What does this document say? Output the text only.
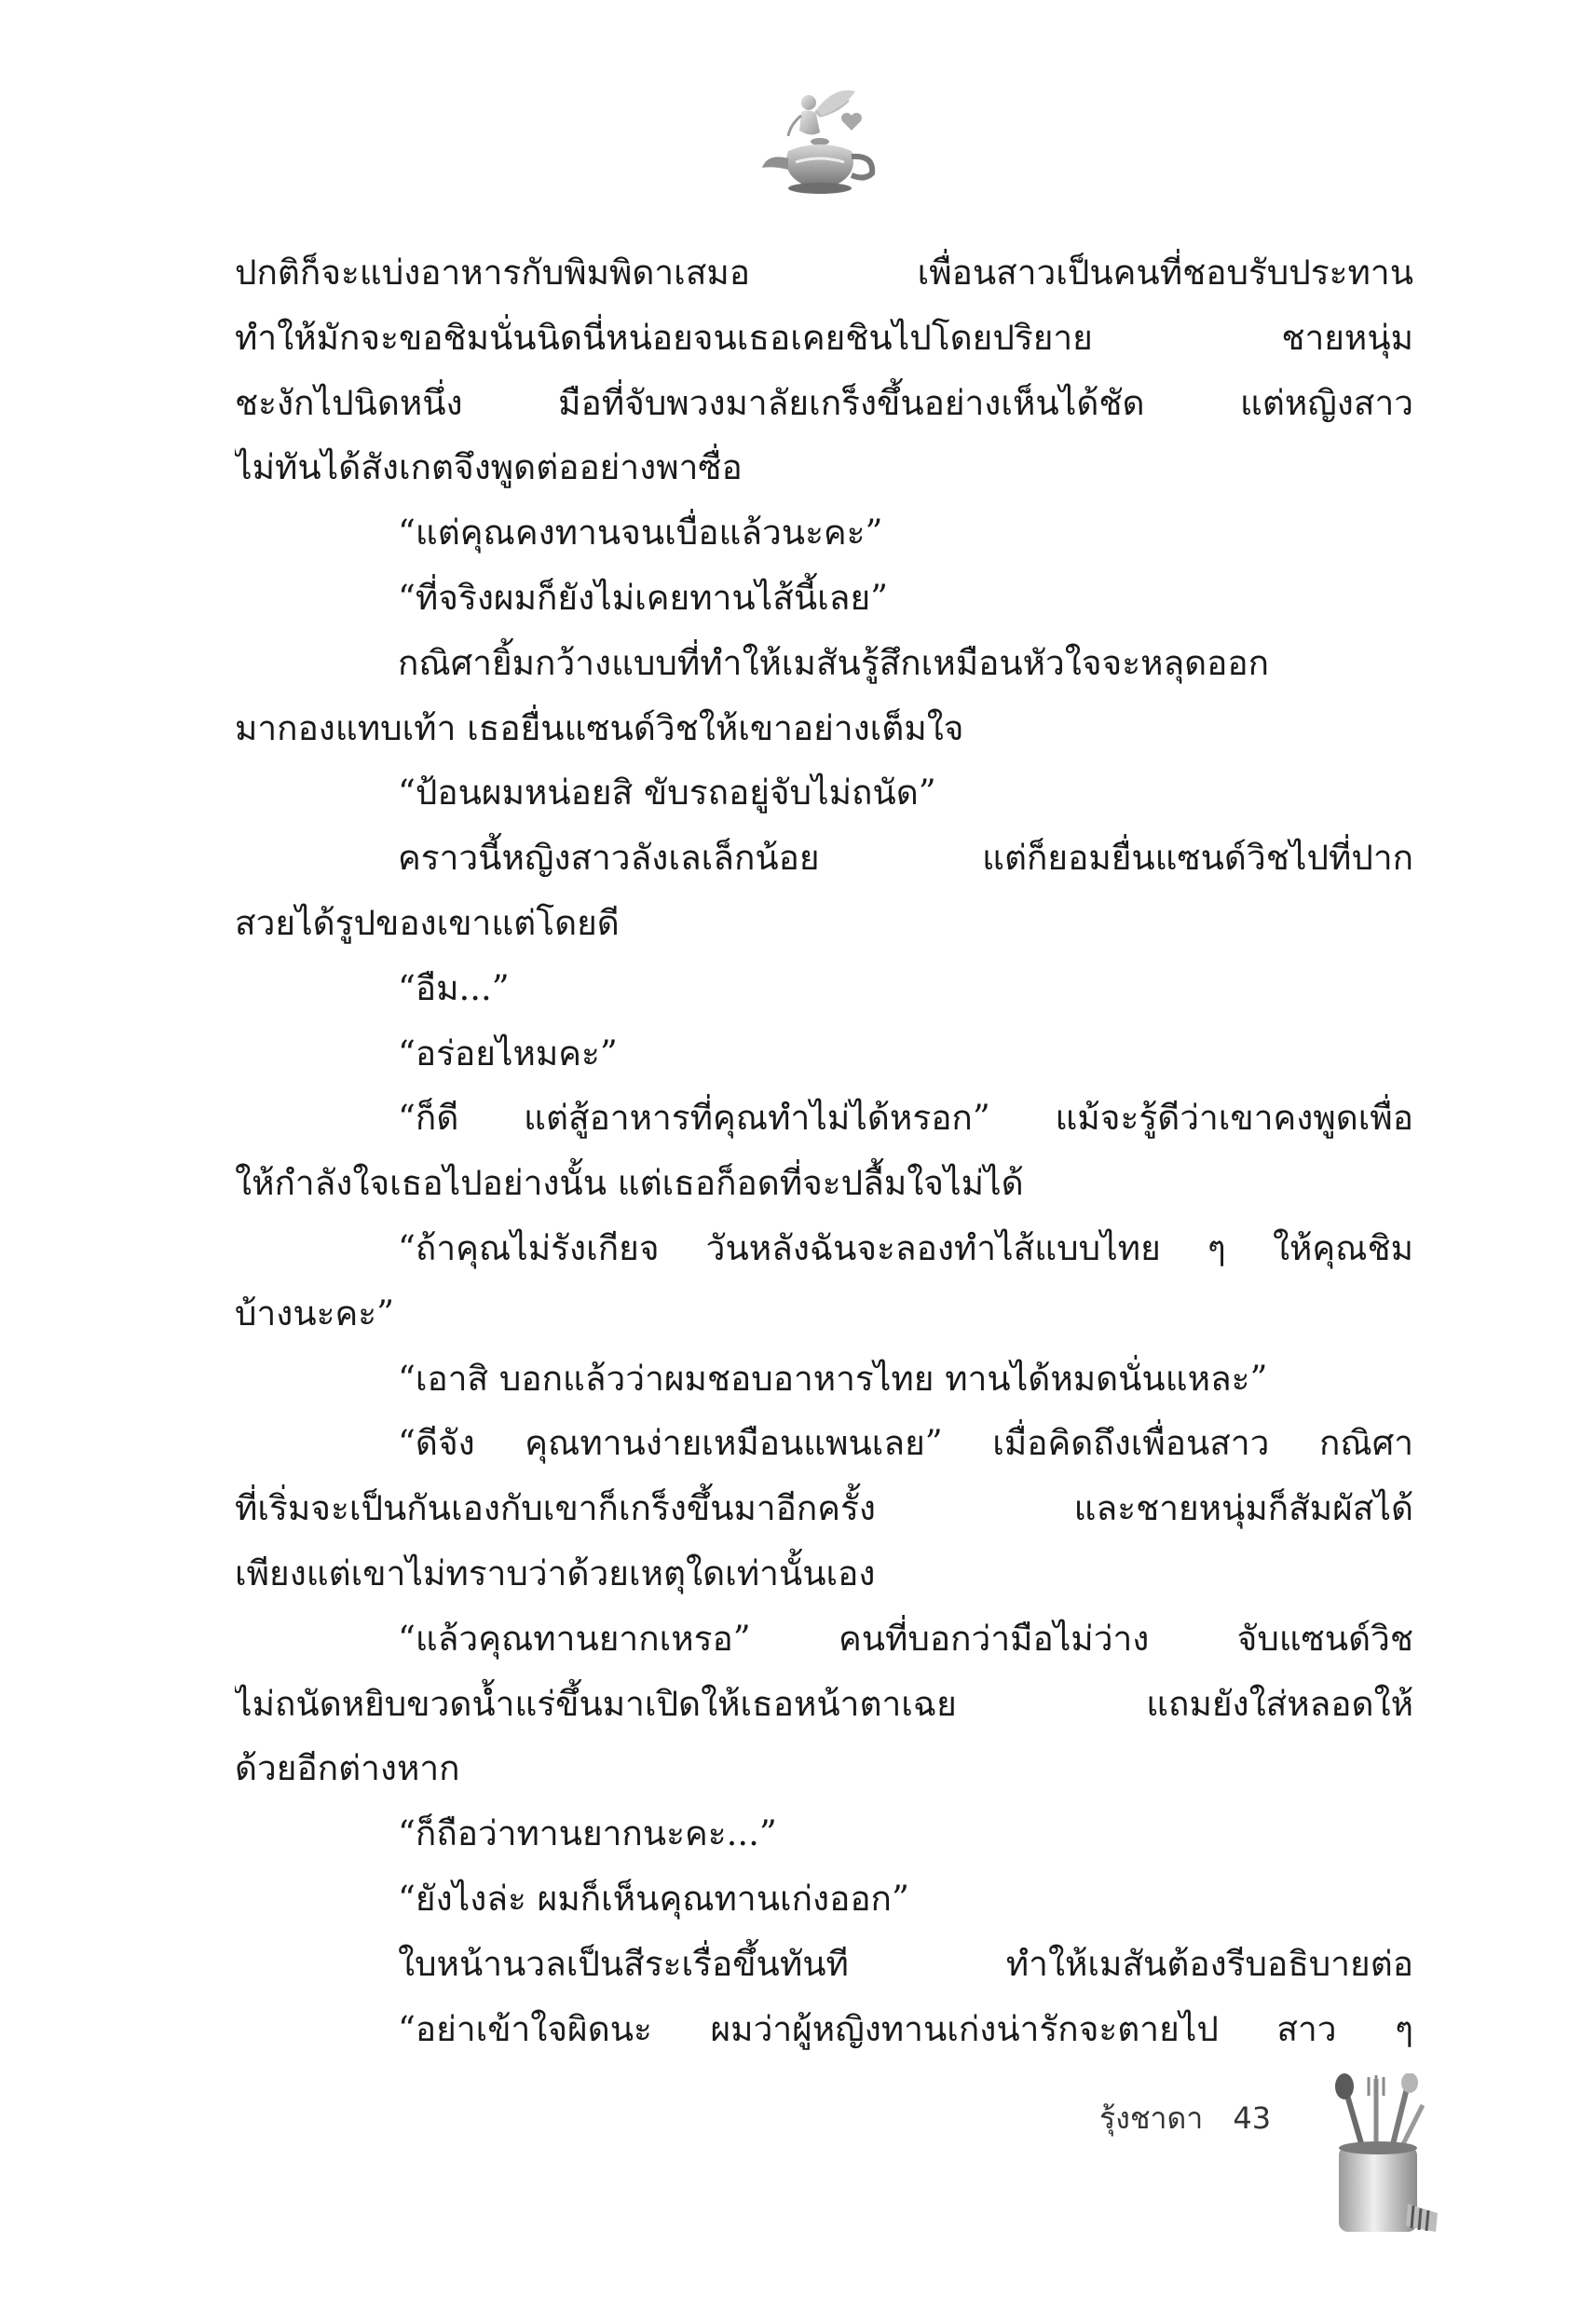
ปกติก็จะแบ่งอาหารกับพิมพิดาเสมอ เพื่อนสาวเป็นคนที่ชอบรับประทาน
ทำให้มักจะขอชิมนั่นนิดนี่หน่อยจนเธอเคยชินไปโดยปริยาย ชายหนุ่ม
ชะงักไปนิดหนึ่ง มือที่จับพวงมาลัยเกร็งขึ้นอย่างเห็นได้ชัด แต่หญิงสาว
ไม่ทันได้สังเกตจึงพูดต่ออย่างพาซื่อ
“แต่คุณคงทานจนเบื่อแล้วนะคะ”
“ที่จริงผมก็ยังไม่เคยทานไส้นี้เลย”
กณิศายิ้มกว้างแบบที่ทำให้เมสันรู้สึกเหมือนหัวใจจะหลุดออก
มากองแทบเท้า เธอยื่นแซนด์วิชให้เขาอย่างเต็มใจ
“ป้อนผมหน่อยสิ ขับรถอยู่จับไม่ถนัด”
คราวนี้หญิงสาวลังเลเล็กน้อย แต่ก็ยอมยื่นแซนด์วิชไปที่ปาก
สวยได้รูปของเขาแต่โดยดี
“อืม...”
“อร่อยไหมคะ”
“ก็ดี แต่สู้อาหารที่คุณทำไม่ได้หรอก” แม้จะรู้ดีว่าเขาคงพูดเพื่อ
ให้กำลังใจเธอไปอย่างนั้น แต่เธอก็อดที่จะปลื้มใจไม่ได้
“ถ้าคุณไม่รังเกียจ วันหลังฉันจะลองทำไส้แบบไทย ๆ ให้คุณชิม
บ้างนะคะ”
“เอาสิ บอกแล้วว่าผมชอบอาหารไทย ทานได้หมดนั่นแหละ”
“ดีจัง คุณทานง่ายเหมือนแพนเลย” เมื่อคิดถึงเพื่อนสาว กณิศา
ที่เริ่มจะเป็นกันเองกับเขาก็เกร็งขึ้นมาอีกครั้ง และชายหนุ่มก็สัมผัสได้
เพียงแต่เขาไม่ทราบว่าด้วยเหตุใดเท่านั้นเอง
“แล้วคุณทานยากเหรอ” คนที่บอกว่ามือไม่ว่าง จับแซนด์วิช
ไม่ถนัดหยิบขวดน้ำแร่ขึ้นมาเปิดให้เธอหน้าตาเฉย แถมยังใส่หลอดให้
ด้วยอีกต่างหาก
“ก็ถือว่าทานยากนะคะ...”
“ยังไงล่ะ ผมก็เห็นคุณทานเก่งออก”
ใบหน้านวลเป็นสีระเรื่อขึ้นทันที ทำให้เมสันต้องรีบอธิบายต่อ
“อย่าเข้าใจผิดนะ ผมว่าผู้หญิงทานเก่งน่ารักจะตายไป สาว ๆ
รุ้งชาดา 43
